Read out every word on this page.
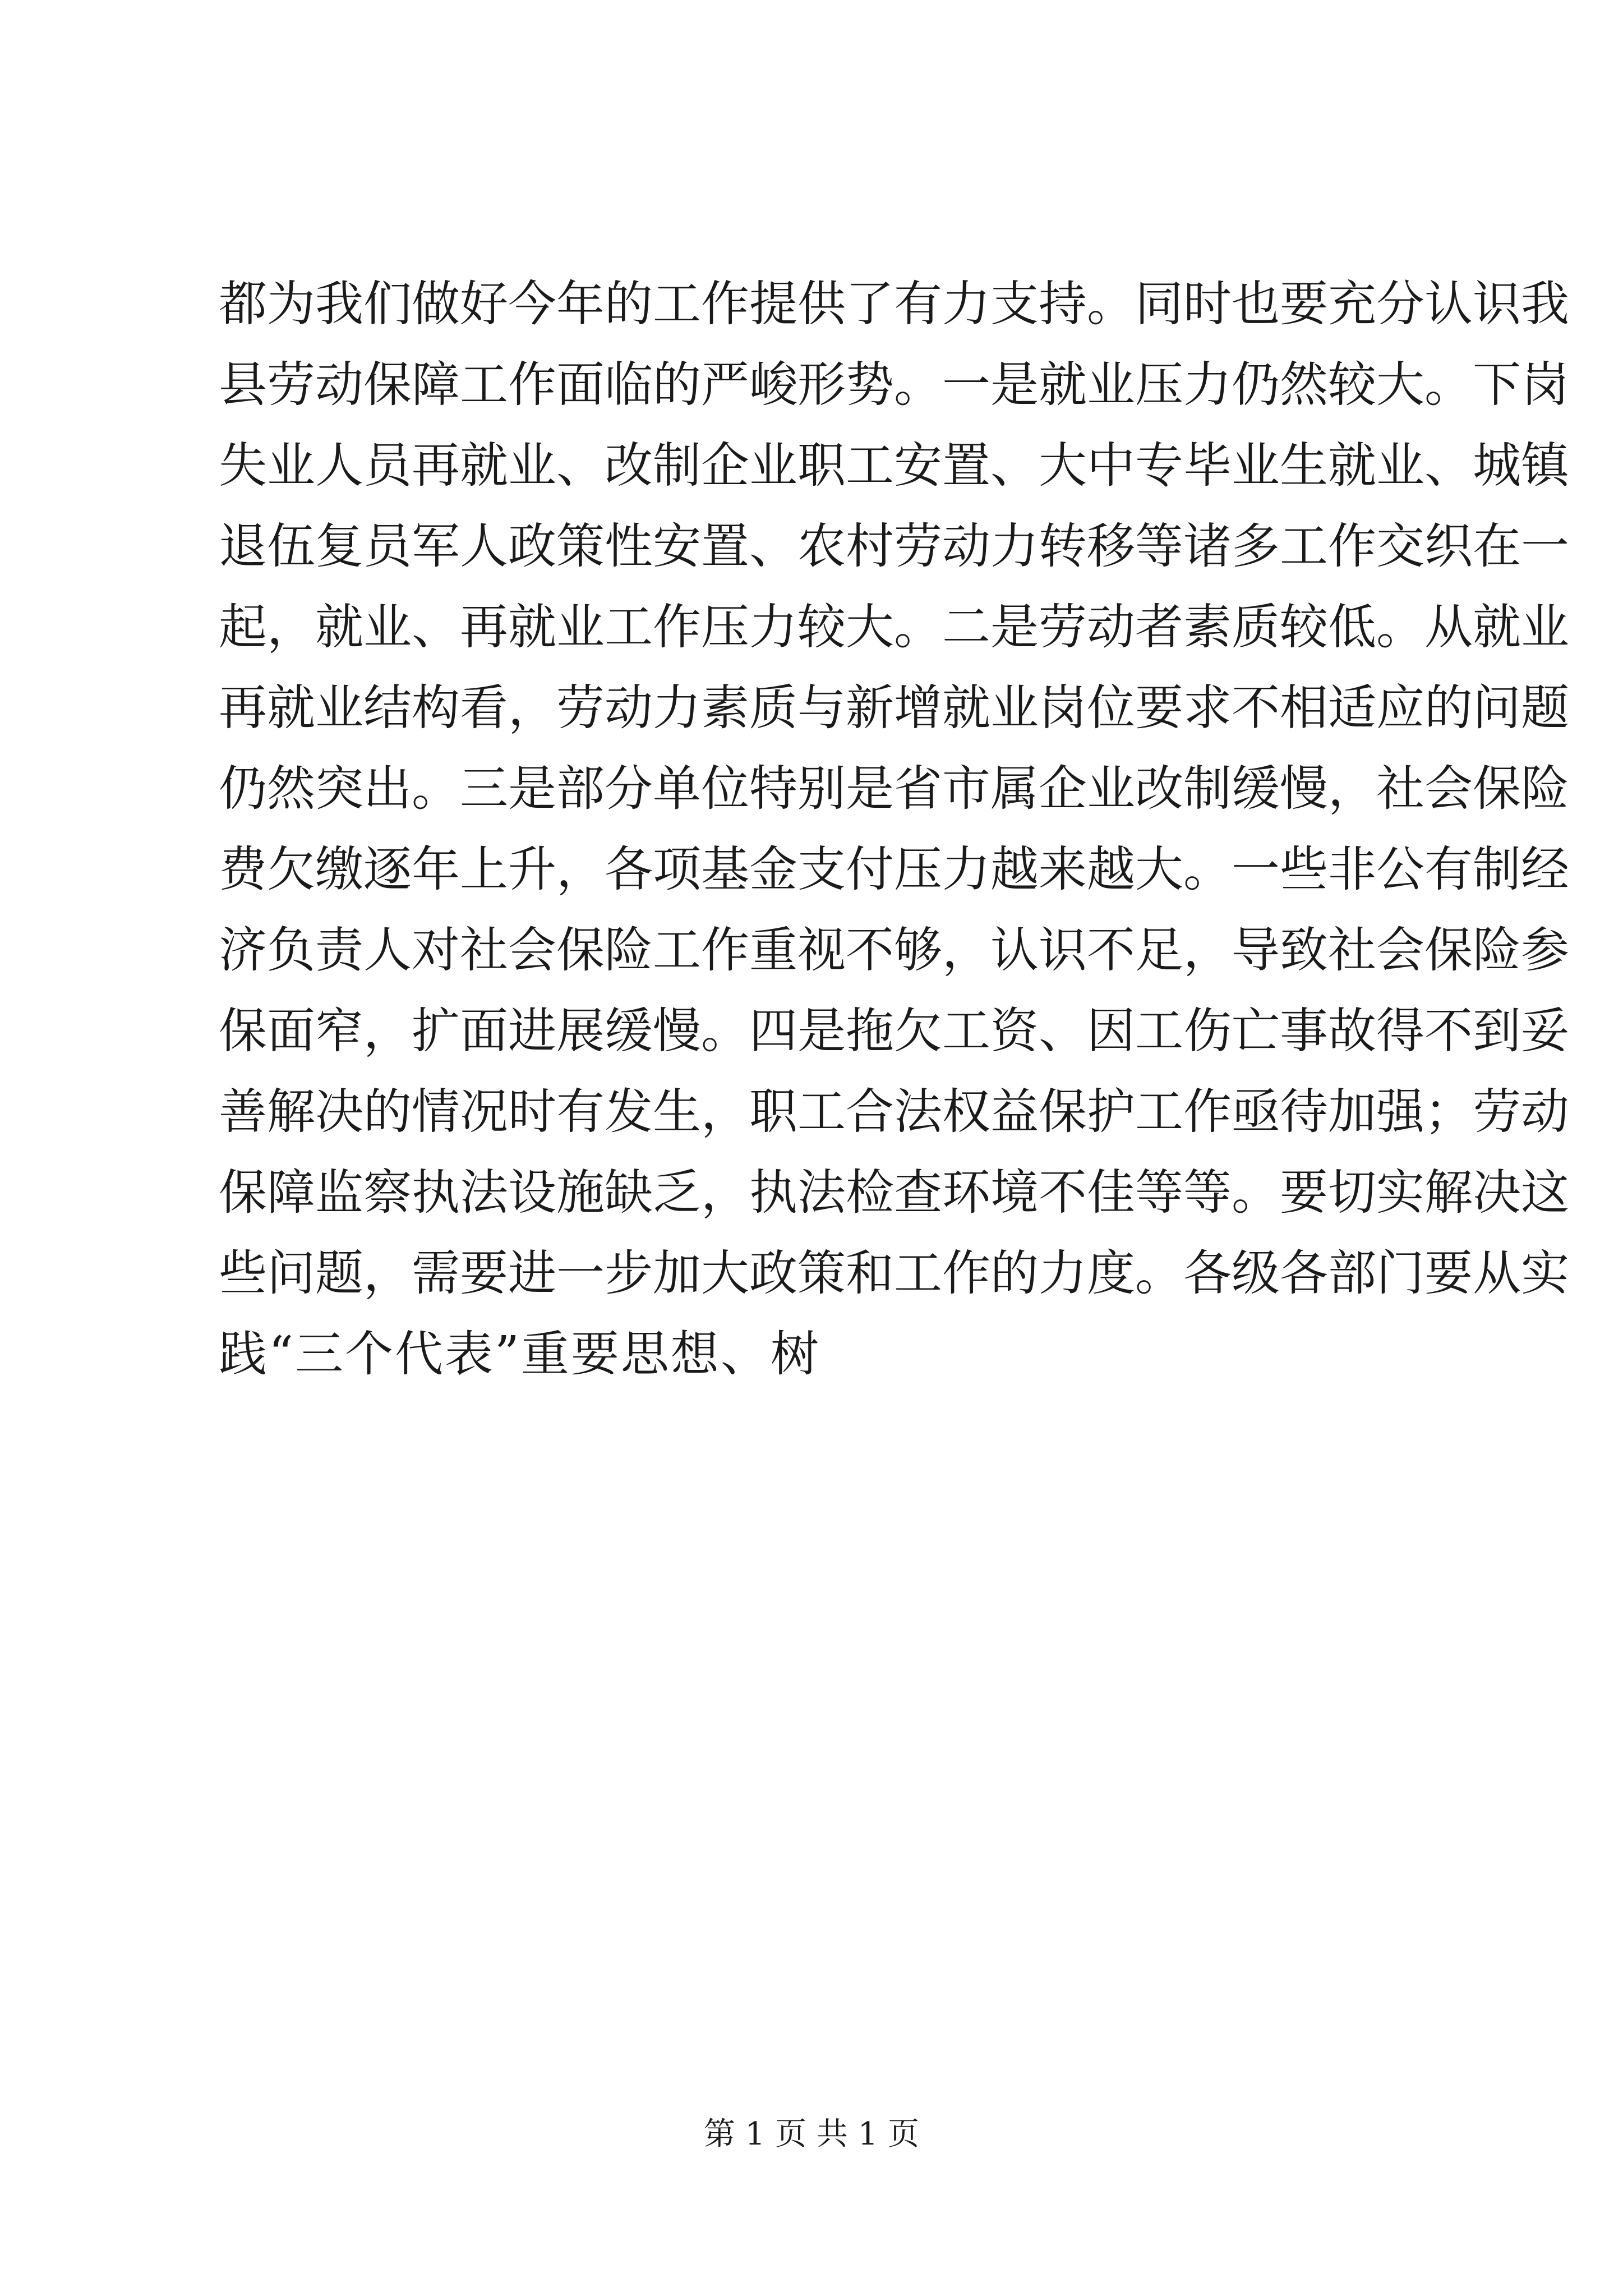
都为我们做好今年的工作提供了有力支持。同时也要充分认识我
县劳动保障工作面临的严峻形势。一是就业压力仍然较大。下岗
失业人员再就业、改制企业职工安置、大中专毕业生就业、城镇
退伍复员军人政策性安置、农村劳动力转移等诸多工作交织在一
起，就业、再就业工作压力较大。二是劳动者素质较低。从就业
再就业结构看，劳动力素质与新增就业岗位要求不相适应的问题
仍然突出。三是部分单位特别是省市属企业改制缓慢，社会保险
费欠缴逐年上升，各项基金支付压力越来越大。一些非公有制经
济负责人对社会保险工作重视不够，认识不足，导致社会保险参
保面窄，扩面进展缓慢。四是拖欠工资、因工伤亡事故得不到妥
善解决的情况时有发生，职工合法权益保护工作亟待加强；劳动
保障监察执法设施缺乏，执法检查环境不佳等等。要切实解决这
些问题，需要进一步加大政策和工作的力度。各级各部门要从实
践“三个代表”重要思想、树
第 1 页 共 1 页
